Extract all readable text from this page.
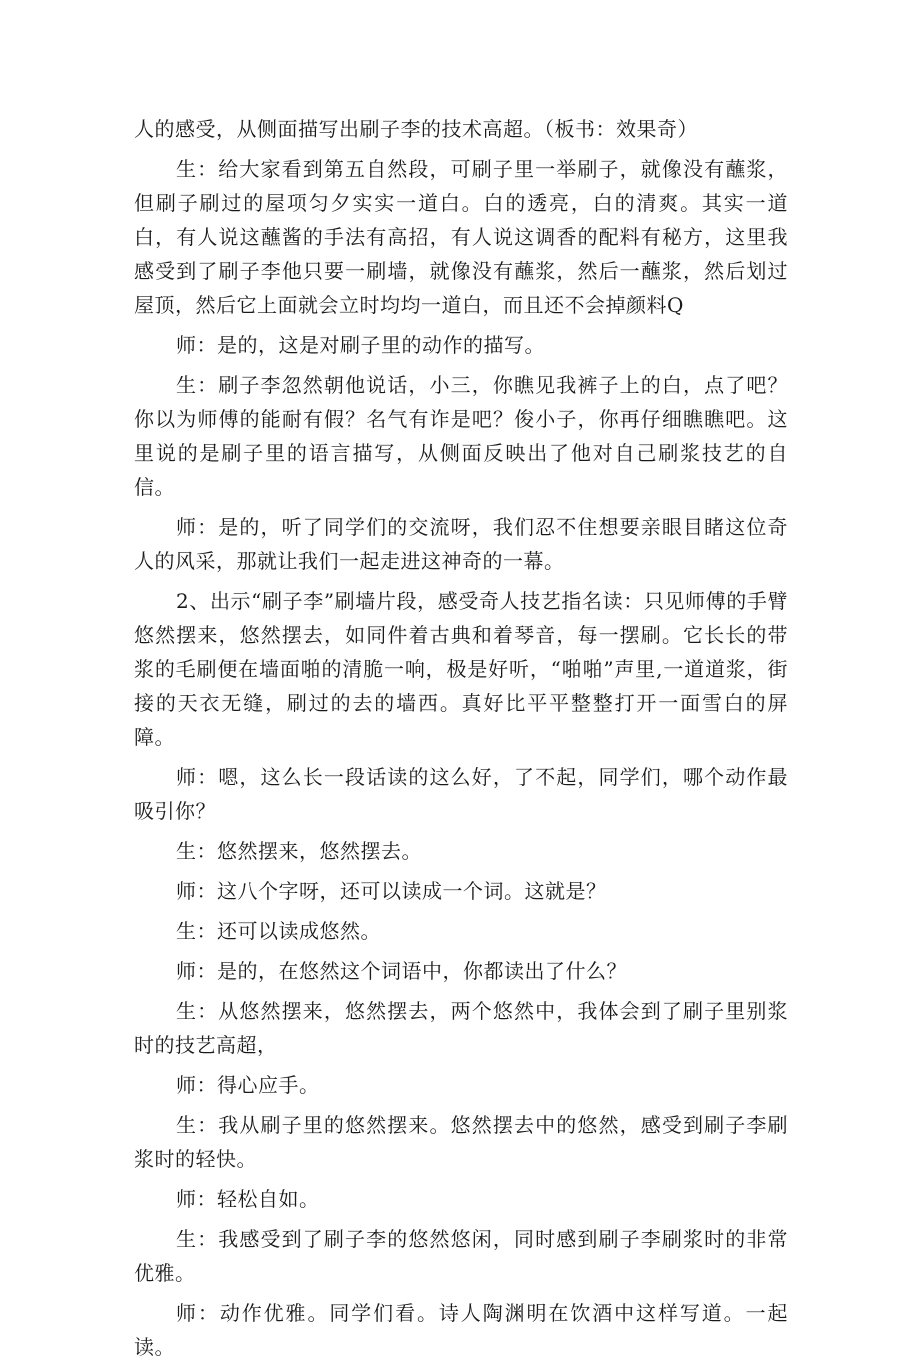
人的感受，从侧面描写出刷子李的技术高超。（板书：效果奇）

生：给大家看到第五自然段，可刷子里一举刷子，就像没有蘸浆，但刷子刷过的屋项匀夕实实一道白。白的透亮，白的清爽。其实一道白，有人说这蘸酱的手法有高招，有人说这调香的配料有秘方，这里我感受到了刷子李他只要一刷墙，就像没有蘸浆，然后一蘸浆，然后划过屋顶，然后它上面就会立时均均一道白，而且还不会掉颜料Q

师：是的，这是对刷子里的动作的描写。

生：刷子李忽然朝他说话，小三，你瞧见我裤子上的白，点了吧？你以为师傅的能耐有假？名气有诈是吧？俊小子，你再仔细瞧瞧吧。这里说的是刷子里的语言描写，从侧面反映出了他对自己刷浆技艺的自信。

师：是的，听了同学们的交流呀，我们忍不住想要亲眼目睹这位奇人的风采，那就让我们一起走进这神奇的一幕。

2、出示“刷子李”刷墙片段，感受奇人技艺指名读：只见师傅的手臂悠然摆来，悠然摆去，如同件着古典和着琴音，每一摆刷。它长长的带浆的毛刷便在墙面啪的清脆一响，极是好听，“啪啪”声里,一道道浆，街接的天衣无缝，刷过的去的墙西。真好比平平整整打开一面雪白的屏障。

师：嗯，这么长一段话读的这么好，了不起，同学们，哪个动作最吸引你？

生：悠然摆来，悠然摆去。

师：这八个字呀，还可以读成一个词。这就是？

生：还可以读成悠然。

师：是的，在悠然这个词语中，你都读出了什么？

生：从悠然摆来，悠然摆去，两个悠然中，我体会到了刷子里别浆时的技艺高超，

师：得心应手。

生：我从刷子里的悠然摆来。悠然摆去中的悠然，感受到刷子李刷浆时的轻快。

师：轻松自如。

生：我感受到了刷子李的悠然悠闲，同时感到刷子李刷浆时的非常优雅。

师：动作优雅。同学们看。诗人陶渊明在饮酒中这样写道。一起读。
